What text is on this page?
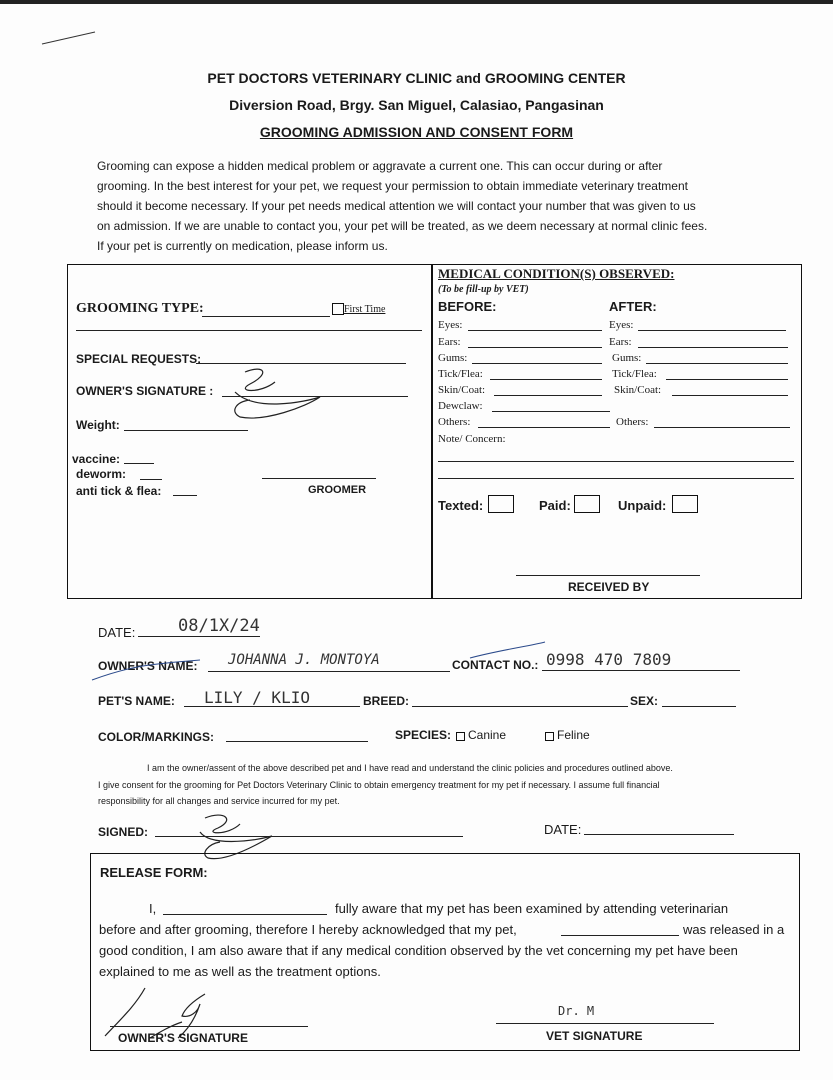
PET DOCTORS VETERINARY CLINIC and GROOMING CENTER
Diversion Road, Brgy. San Miguel, Calasiao, Pangasinan
GROOMING ADMISSION AND CONSENT FORM
Grooming can expose a hidden medical problem or aggravate a current one. This can occur during or after
grooming. In the best interest for your pet, we request your permission to obtain immediate veterinary treatment
should it become necessary. If your pet needs medical attention we will contact your number that was given to us
on admission. If we are unable to contact you, your pet will be treated, as we deem necessary at normal clinic fees.
If your pet is currently on medication, please inform us.
GROOMING TYPE:	First Time
SPECIAL REQUESTS:
OWNER'S SIGNATURE :
Weight:
vaccine:
deworm:
anti tick & flea:	GROOMER
MEDICAL CONDITION(S) OBSERVED:
(To be fill-up by VET)
BEFORE:	AFTER:
Eyes:	Eyes:
Ears:	Ears:
Gums:	Gums:
Tick/Flea:	Tick/Flea:
Skin/Coat:	Skin/Coat:
Dewclaw:
Others:	Others:
Note/ Concern:
Texted:	Paid:	Unpaid:
RECEIVED BY
DATE:	08/1X/24
OWNER'S NAME: JOHANNA J. MONTOYA	CONTACT NO.: 0998 470 7809
PET'S NAME: LILY / KLIO	BREED:	SEX:
COLOR/MARKINGS:	SPECIES: Canine	Feline
I am the owner/assent of the above described pet and I have read and understand the clinic policies and procedures outlined above.
I give consent for the grooming for Pet Doctors Veterinary Clinic to obtain emergency treatment for my pet if necessary. I assume full financial
responsibility for all changes and service incurred for my pet.
SIGNED:	DATE:
RELEASE FORM:
I,	fully aware that my pet has been examined by attending veterinarian
before and after grooming, therefore I hereby acknowledged that my pet,	was released in a
good condition, I am also aware that if any medical condition observed by the vet concerning my pet have been
explained to me as well as the treatment options.
OWNER'S SIGNATURE
Dr. M
VET SIGNATURE
